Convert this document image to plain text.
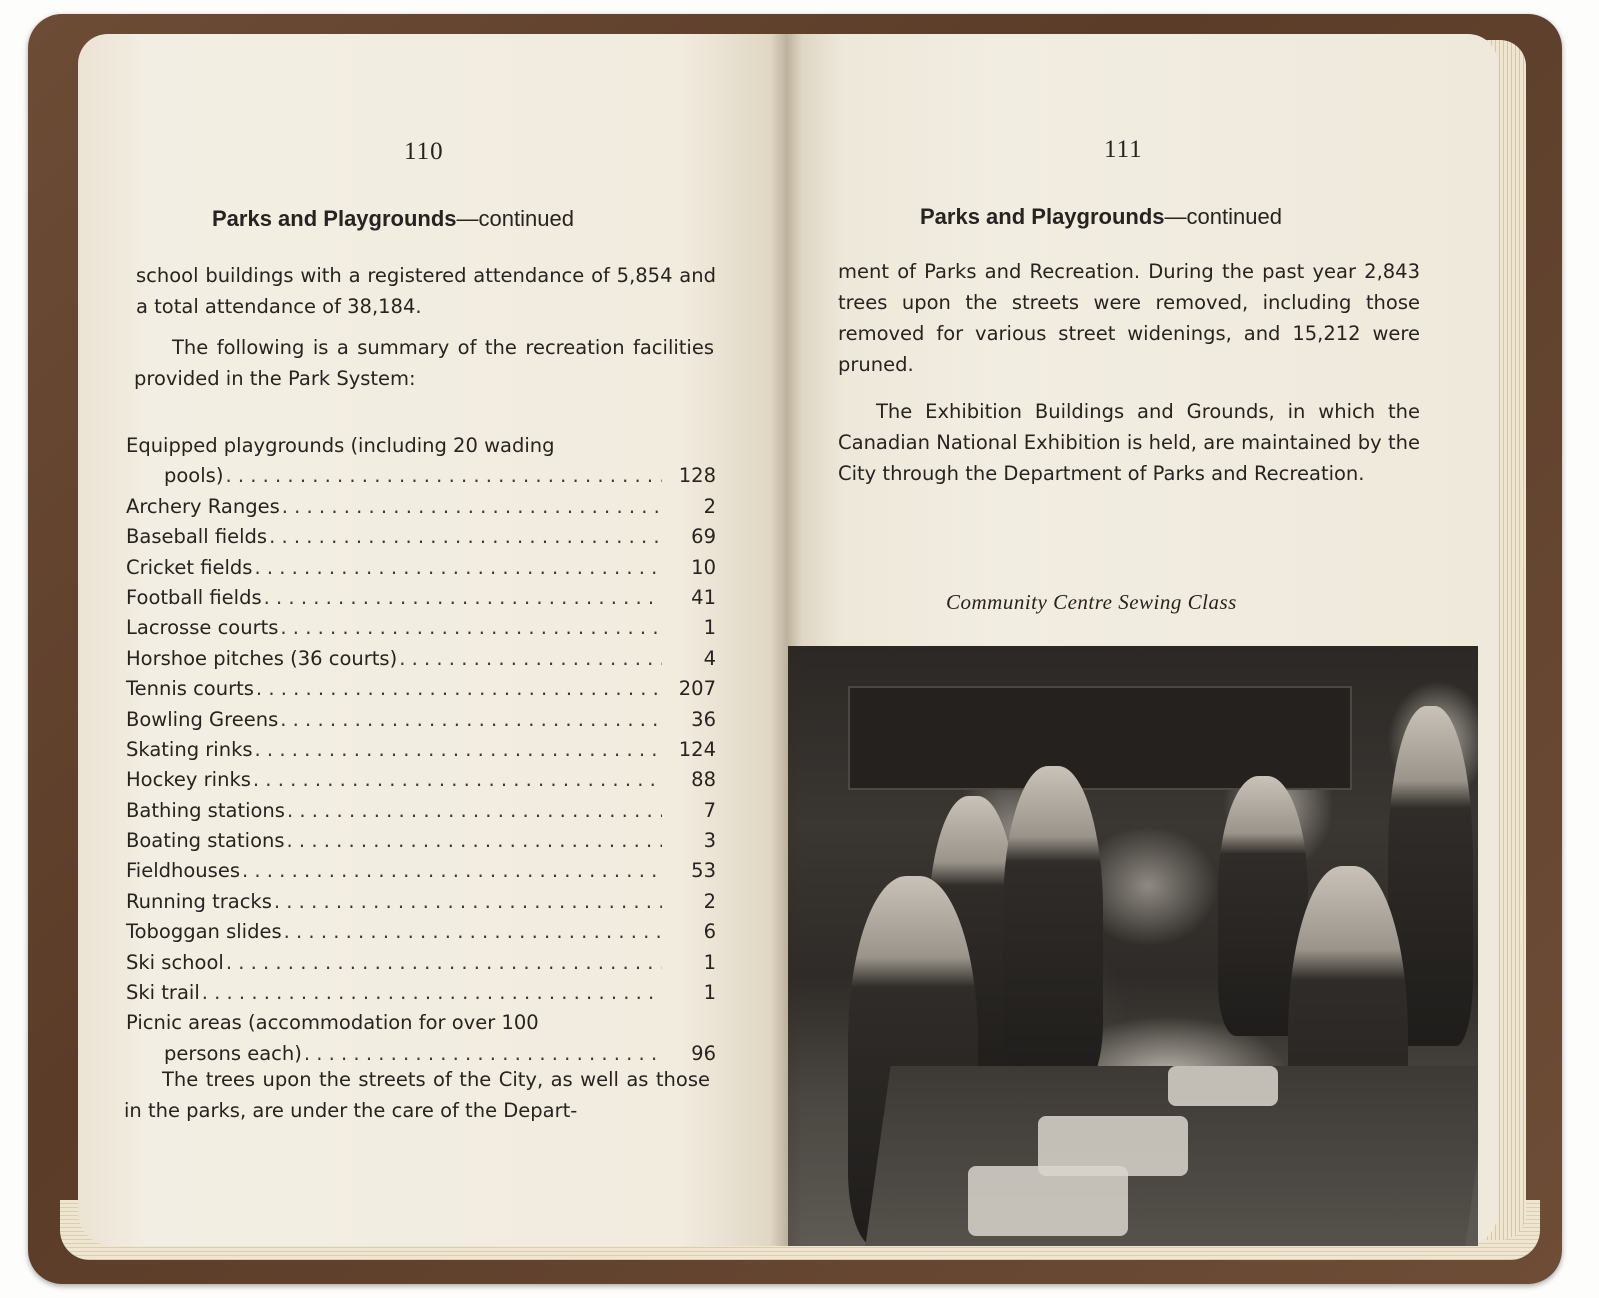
110
Parks and Playgrounds—continued
school buildings with a registered attendance of 5,854 and a total attendance of 38,184.
The following is a summary of the recreation facilities provided in the Park System:
Equipped playgrounds (including 20 wading
pools) . . .	128
Archery Ranges . . .	2
Baseball fields . . .	69
Cricket fields . . .	10
Football fields . . .	41
Lacrosse courts . . .	1
Horshoe pitches (36 courts) . . .	4
Tennis courts . . .	207
Bowling Greens . . .	36
Skating rinks . . .	124
Hockey rinks . . .	88
Bathing stations . . .	7
Boating stations . . .	3
Fieldhouses . . .	53
Running tracks . . .	2
Toboggan slides . . .	6
Ski school . . .	1
Ski trail . . .	1
Picnic areas (accommodation for over 100
persons each) . . .	96
The trees upon the streets of the City, as well as those in the parks, are under the care of the Depart-
111
Parks and Playgrounds—continued
ment of Parks and Recreation. During the past year 2,843 trees upon the streets were removed, including those removed for various street widenings, and 15,212 were pruned.
The Exhibition Buildings and Grounds, in which the Canadian National Exhibition is held, are maintained by the City through the Department of Parks and Recreation.
Community Centre Sewing Class
